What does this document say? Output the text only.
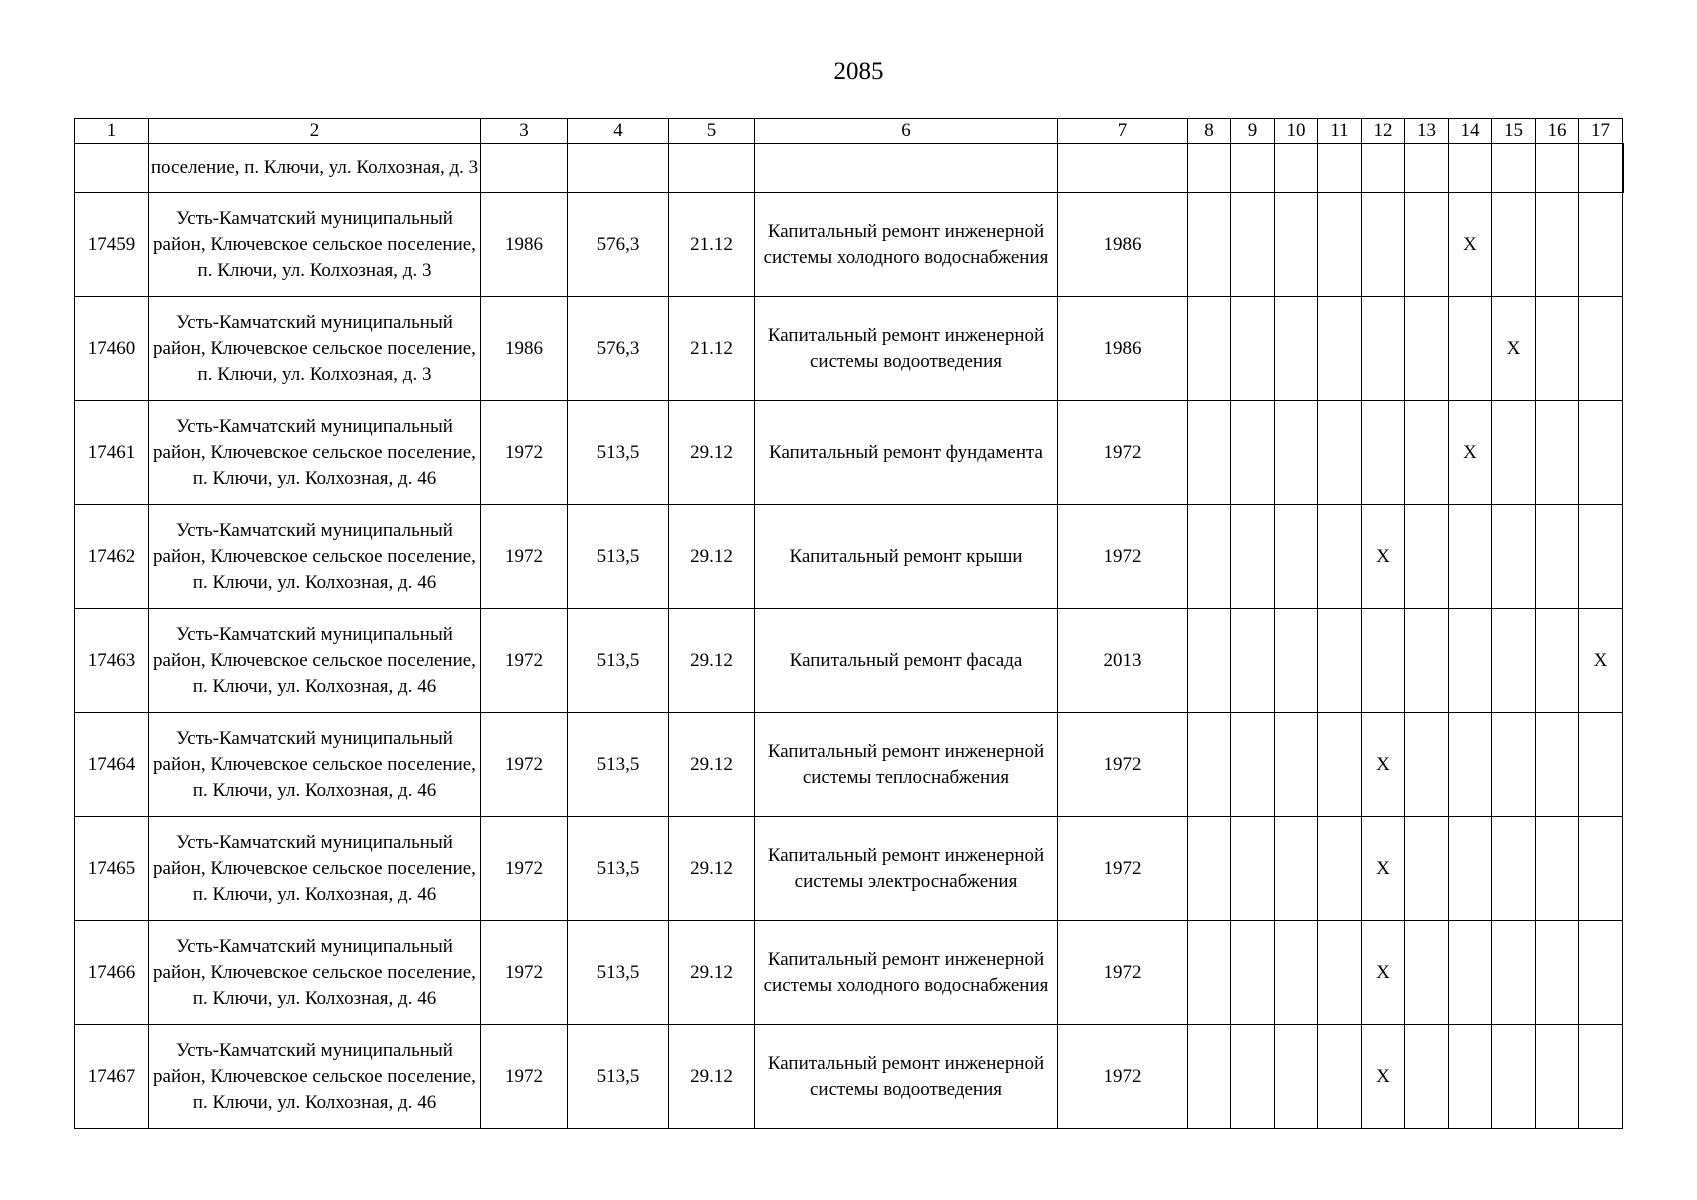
2085
1	2	3	4	5	6	7	8	9	10	11	12	13	14	15	16	17	
	поселение, п. Ключи, ул. Колхозная, д. 3																
17459	Усть-Камчатский муниципальный район, Ключевское сельское поселение, п. Ключи, ул. Колхозная, д. 3	1986	576,3	21.12	Капитальный ремонт инженерной системы холодного водоснабжения	1986							X				
17460	Усть-Камчатский муниципальный район, Ключевское сельское поселение, п. Ключи, ул. Колхозная, д. 3	1986	576,3	21.12	Капитальный ремонт инженерной системы водоотведения	1986								X			
17461	Усть-Камчатский муниципальный район, Ключевское сельское поселение, п. Ключи, ул. Колхозная, д. 46	1972	513,5	29.12	Капитальный ремонт фундамента	1972							X				
17462	Усть-Камчатский муниципальный район, Ключевское сельское поселение, п. Ключи, ул. Колхозная, д. 46	1972	513,5	29.12	Капитальный ремонт крыши	1972					X						
17463	Усть-Камчатский муниципальный район, Ключевское сельское поселение, п. Ключи, ул. Колхозная, д. 46	1972	513,5	29.12	Капитальный ремонт фасада	2013										X	
17464	Усть-Камчатский муниципальный район, Ключевское сельское поселение, п. Ключи, ул. Колхозная, д. 46	1972	513,5	29.12	Капитальный ремонт инженерной системы теплоснабжения	1972					X						
17465	Усть-Камчатский муниципальный район, Ключевское сельское поселение, п. Ключи, ул. Колхозная, д. 46	1972	513,5	29.12	Капитальный ремонт инженерной системы электроснабжения	1972					X						
17466	Усть-Камчатский муниципальный район, Ключевское сельское поселение, п. Ключи, ул. Колхозная, д. 46	1972	513,5	29.12	Капитальный ремонт инженерной системы холодного водоснабжения	1972					X						
17467	Усть-Камчатский муниципальный район, Ключевское сельское поселение, п. Ключи, ул. Колхозная, д. 46	1972	513,5	29.12	Капитальный ремонт инженерной системы водоотведения	1972					X						
